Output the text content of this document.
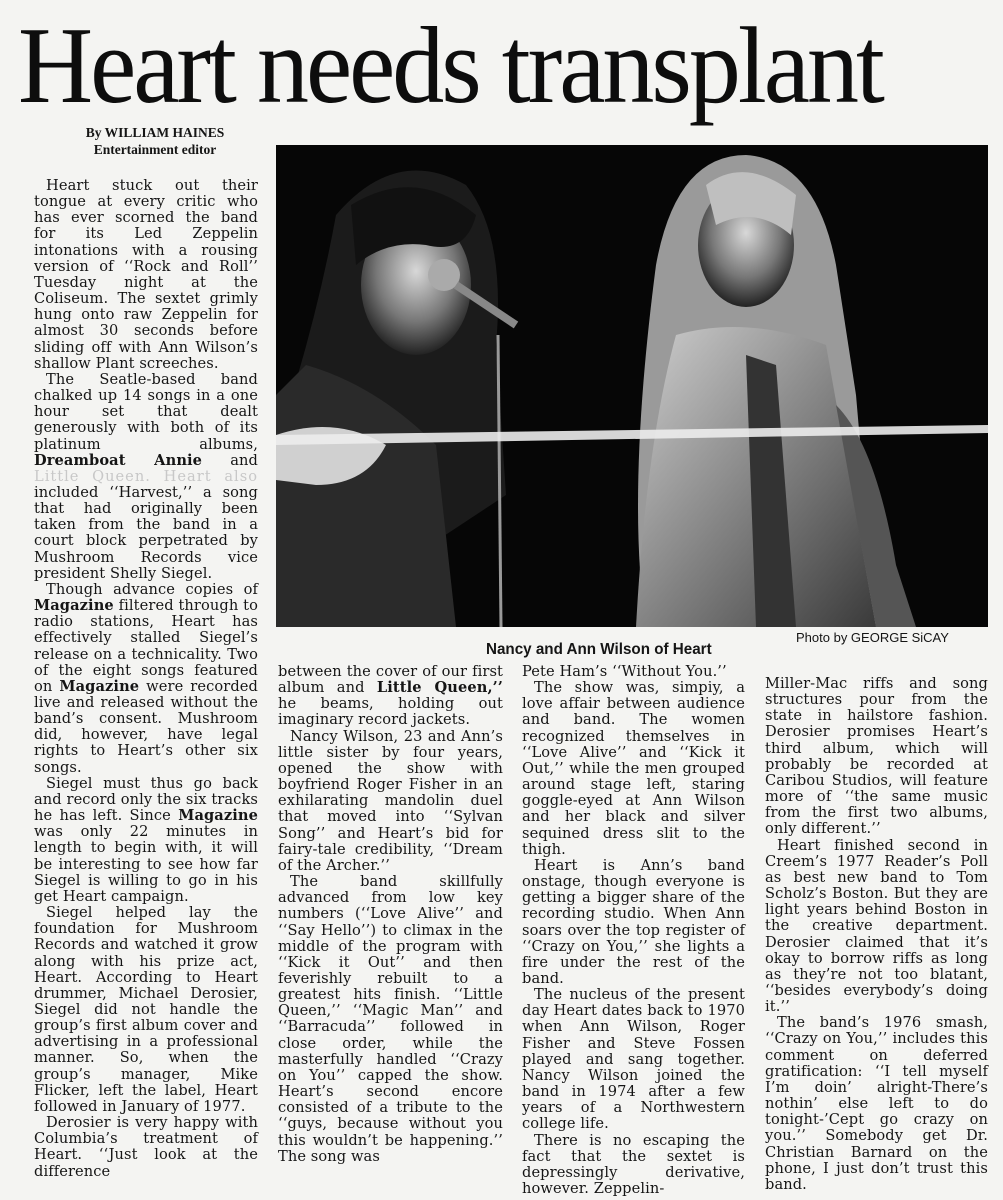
Heart needs transplant
By WILLIAM HAINES
Entertainment editor

Heart stuck out their tongue at every critic who has ever scorned the band for its Led Zeppelin intonations with a rousing version of ‘‘Rock and Roll’’ Tuesday night at the Coliseum. The sextet grimly hung onto raw Zeppelin for almost 30 seconds before sliding off with Ann Wilson’s shallow Plant screeches.

The Seatle-based band chalked up 14 songs in a one hour set that dealt generously with both of its platinum albums, Dreamboat Annie and Little Queen. Heart also included ‘‘Harvest,’’ a song that had originally been taken from the band in a court block perpetrated by Mushroom Records vice president Shelly Siegel.

Though advance copies of Magazine filtered through to radio stations, Heart has effectively stalled Siegel’s release on a technicality. Two of the eight songs featured on Magazine were recorded live and released without the band’s consent. Mushroom did, however, have legal rights to Heart’s other six songs.

Siegel must thus go back and record only the six tracks he has left. Since Magazine was only 22 minutes in length to begin with, it will be interesting to see how far Siegel is willing to go in his get Heart campaign.

Siegel helped lay the foundation for Mushroom Records and watched it grow along with his prize act, Heart. According to Heart drummer, Michael Derosier, Siegel did not handle the group’s first album cover and advertising in a professional manner. So, when the group’s manager, Mike Flicker, left the label, Heart followed in January of 1977.

Derosier is very happy with Columbia’s treatment of Heart. ‘‘Just look at the difference

Nancy and Ann Wilson of Heart
Photo by GEORGE SiCAY

between the cover of our first album and Little Queen,’’ he beams, holding out imaginary record jackets.

Nancy Wilson, 23 and Ann’s little sister by four years, opened the show with boyfriend Roger Fisher in an exhilarating mandolin duel that moved into ‘‘Sylvan Song’’ and Heart’s bid for fairy-tale credibility, ‘‘Dream of the Archer.’’

The band skillfully advanced from low key numbers (‘‘Love Alive’’ and ‘‘Say Hello’’) to climax in the middle of the program with ‘‘Kick it Out’’ and then feverishly rebuilt to a greatest hits finish. ‘‘Little Queen,’’ ‘‘Magic Man’’ and ‘‘Barracuda’’ followed in close order, while the masterfully handled ‘‘Crazy on You’’ capped the show. Heart’s second encore consisted of a tribute to the ‘‘guys, because without you this wouldn’t be happening.’’ The song was

Pete Ham’s ‘‘Without You.’’

The show was, simpiy, a love affair between audience and band. The women recognized themselves in ‘‘Love Alive’’ and ‘‘Kick it Out,’’ while the men grouped around stage left, staring goggle-eyed at Ann Wilson and her black and silver sequined dress slit to the thigh.

Heart is Ann’s band onstage, though everyone is getting a bigger share of the recording studio. When Ann soars over the top register of ‘‘Crazy on You,’’ she lights a fire under the rest of the band.

The nucleus of the present day Heart dates back to 1970 when Ann Wilson, Roger Fisher and Steve Fossen played and sang together. Nancy Wilson joined the band in 1974 after a few years of a Northwestern college life.

There is no escaping the fact that the sextet is depressingly derivative, however. Zeppelin-

Miller-Mac riffs and song structures pour from the state in hailstore fashion. Derosier promises Heart’s third album, which will probably be recorded at Caribou Studios, will feature more of ‘‘the same music from the first two albums, only different.’’

Heart finished second in Creem’s 1977 Reader’s Poll as best new band to Tom Scholz’s Boston. But they are light years behind Boston in the creative department. Derosier claimed that it’s okay to borrow riffs as long as they’re not too blatant, ‘‘besides everybody’s doing it.’’

The band’s 1976 smash, ‘‘Crazy on You,’’ includes this comment on deferred gratification: ‘‘I tell myself I’m doin’ alright-There’s nothin’ else left to do tonight-’Cept go crazy on you.’’ Somebody get Dr. Christian Barnard on the phone, I just don’t trust this band.
